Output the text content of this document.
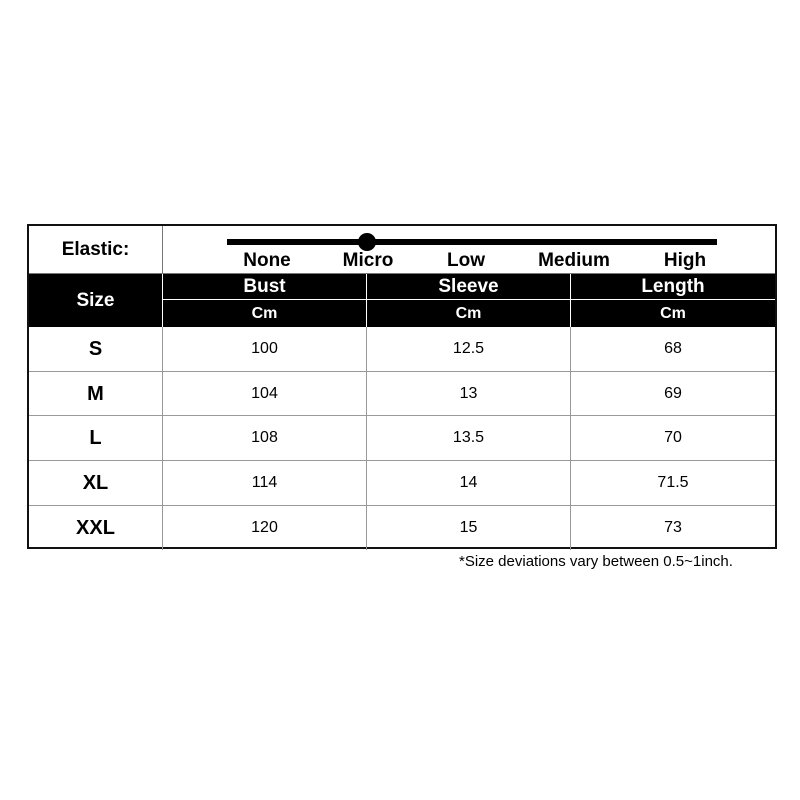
Elastic:
None	Micro	Low	Medium	High
Size
Bust	Sleeve	Length
Cm	Cm	Cm
S	100	12.5	68
M	104	13	69
L	108	13.5	70
XL	114	14	71.5
XXL	120	15	73
*Size deviations vary between 0.5~1inch.
